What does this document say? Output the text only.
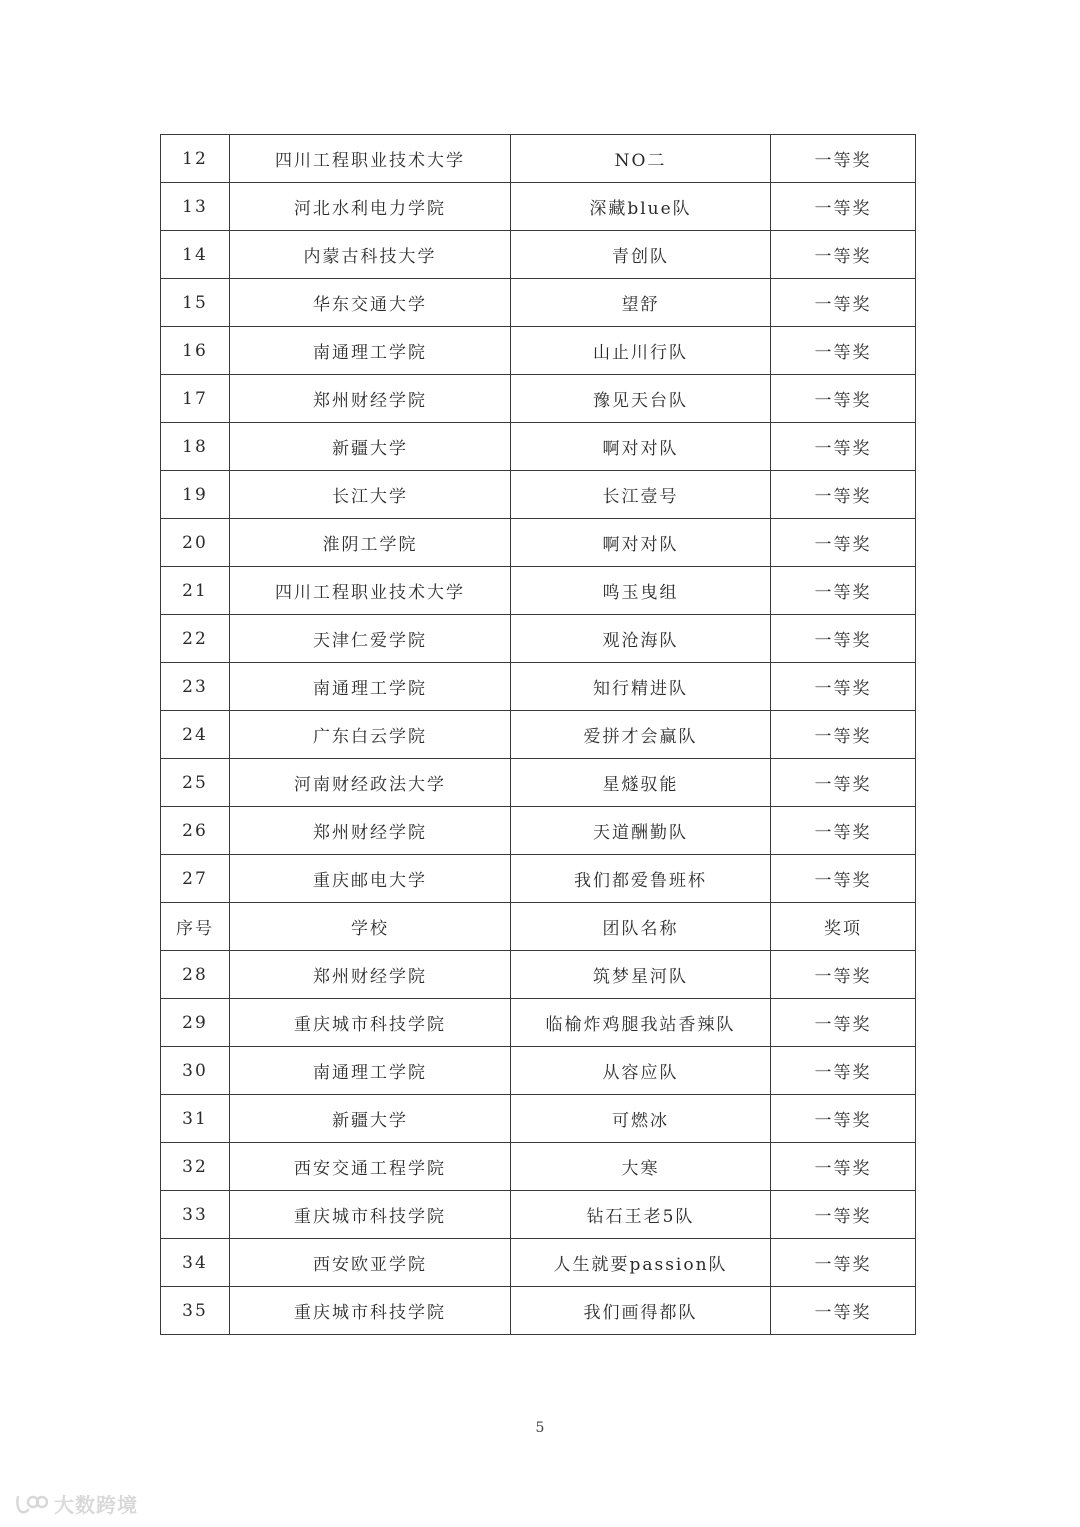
12	四川工程职业技术大学	NO二	一等奖
13	河北水利电力学院	深藏blue队	一等奖
14	内蒙古科技大学	青创队	一等奖
15	华东交通大学	望舒	一等奖
16	南通理工学院	山止川行队	一等奖
17	郑州财经学院	豫见天台队	一等奖
18	新疆大学	啊对对队	一等奖
19	长江大学	长江壹号	一等奖
20	淮阴工学院	啊对对队	一等奖
21	四川工程职业技术大学	鸣玉曳组	一等奖
22	天津仁爱学院	观沧海队	一等奖
23	南通理工学院	知行精进队	一等奖
24	广东白云学院	爱拼才会赢队	一等奖
25	河南财经政法大学	星燧驭能	一等奖
26	郑州财经学院	天道酬勤队	一等奖
27	重庆邮电大学	我们都爱鲁班杯	一等奖
序号	学校	团队名称	奖项
28	郑州财经学院	筑梦星河队	一等奖
29	重庆城市科技学院	临榆炸鸡腿我站香辣队	一等奖
30	南通理工学院	从容应队	一等奖
31	新疆大学	可燃冰	一等奖
32	西安交通工程学院	大寒	一等奖
33	重庆城市科技学院	钻石王老5队	一等奖
34	西安欧亚学院	人生就要passion队	一等奖
35	重庆城市科技学院	我们画得都队	一等奖
5
大数跨境
